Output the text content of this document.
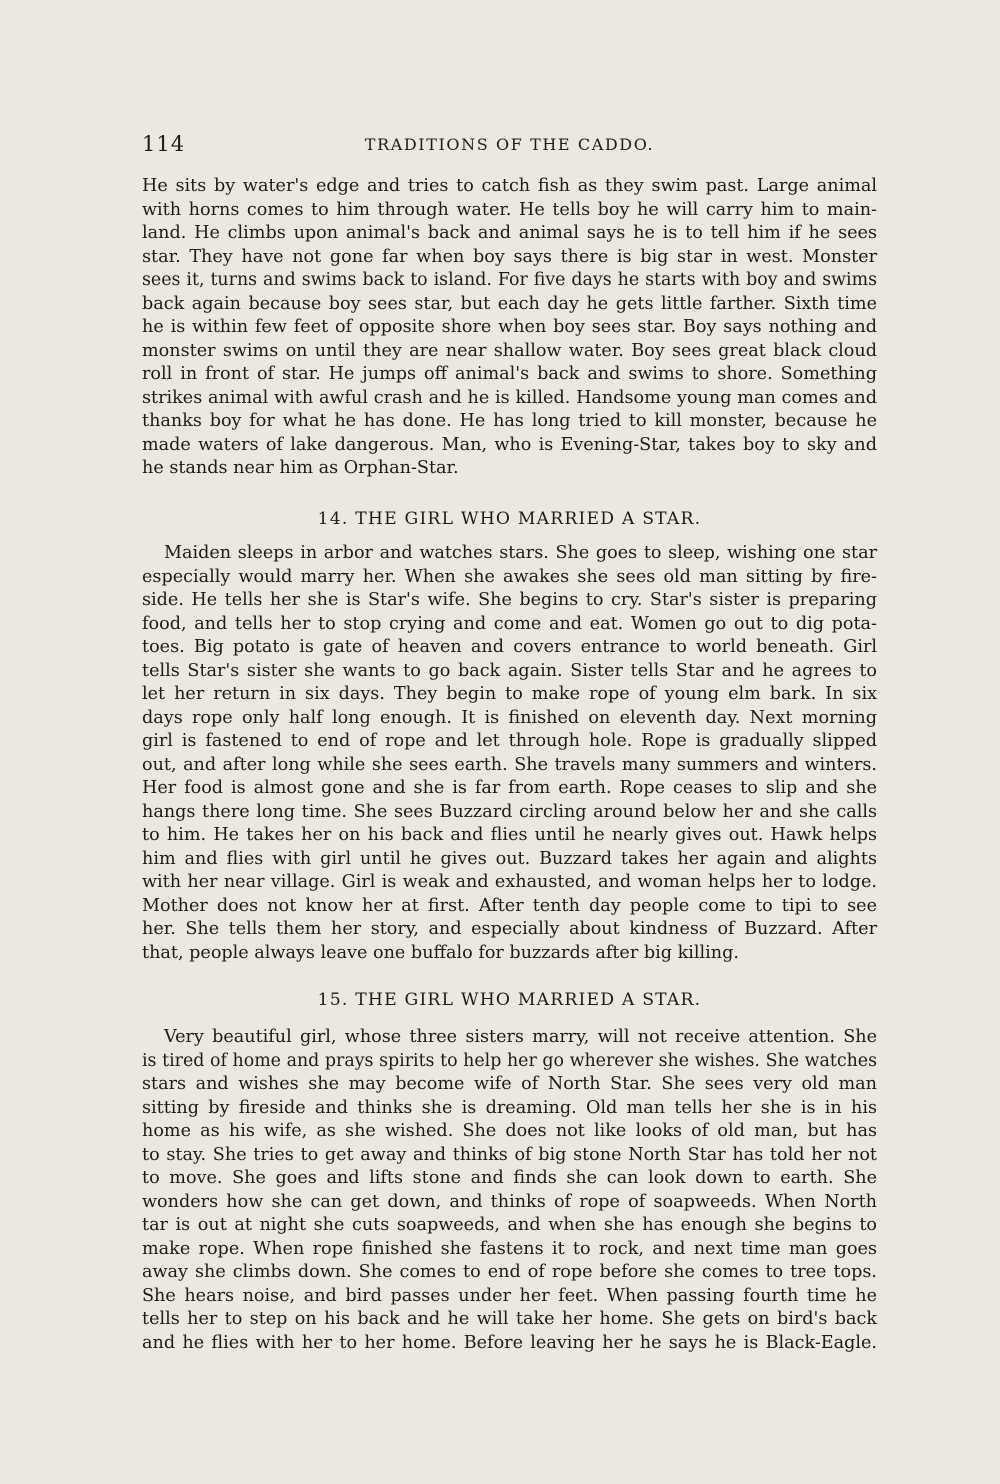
114	TRADITIONS OF THE CADDO.
He sits by water's edge and tries to catch fish as they swim past. Large animal
with horns comes to him through water. He tells boy he will carry him to main-
land. He climbs upon animal's back and animal says he is to tell him if he sees
star. They have not gone far when boy says there is big star in west. Monster
sees it, turns and swims back to island. For five days he starts with boy and swims
back again because boy sees star, but each day he gets little farther. Sixth time
he is within few feet of opposite shore when boy sees star. Boy says nothing and
monster swims on until they are near shallow water. Boy sees great black cloud
roll in front of star. He jumps off animal's back and swims to shore. Something
strikes animal with awful crash and he is killed. Handsome young man comes and
thanks boy for what he has done. He has long tried to kill monster, because he
made waters of lake dangerous. Man, who is Evening-Star, takes boy to sky and
he stands near him as Orphan-Star.
14. THE GIRL WHO MARRIED A STAR.
Maiden sleeps in arbor and watches stars. She goes to sleep, wishing one star
especially would marry her. When she awakes she sees old man sitting by fire-
side. He tells her she is Star's wife. She begins to cry. Star's sister is preparing
food, and tells her to stop crying and come and eat. Women go out to dig pota-
toes. Big potato is gate of heaven and covers entrance to world beneath. Girl
tells Star's sister she wants to go back again. Sister tells Star and he agrees to
let her return in six days. They begin to make rope of young elm bark. In six
days rope only half long enough. It is finished on eleventh day. Next morning
girl is fastened to end of rope and let through hole. Rope is gradually slipped
out, and after long while she sees earth. She travels many summers and winters.
Her food is almost gone and she is far from earth. Rope ceases to slip and she
hangs there long time. She sees Buzzard circling around below her and she calls
to him. He takes her on his back and flies until he nearly gives out. Hawk helps
him and flies with girl until he gives out. Buzzard takes her again and alights
with her near village. Girl is weak and exhausted, and woman helps her to lodge.
Mother does not know her at first. After tenth day people come to tipi to see
her. She tells them her story, and especially about kindness of Buzzard. After
that, people always leave one buffalo for buzzards after big killing.
15. THE GIRL WHO MARRIED A STAR.
Very beautiful girl, whose three sisters marry, will not receive attention. She
is tired of home and prays spirits to help her go wherever she wishes. She watches
stars and wishes she may become wife of North Star. She sees very old man
sitting by fireside and thinks she is dreaming. Old man tells her she is in his
home as his wife, as she wished. She does not like looks of old man, but has
to stay. She tries to get away and thinks of big stone North Star has told her not
to move. She goes and lifts stone and finds she can look down to earth. She
wonders how she can get down, and thinks of rope of soapweeds. When North
tar is out at night she cuts soapweeds, and when she has enough she begins to
make rope. When rope finished she fastens it to rock, and next time man goes
away she climbs down. She comes to end of rope before she comes to tree tops.
She hears noise, and bird passes under her feet. When passing fourth time he
tells her to step on his back and he will take her home. She gets on bird's back
and he flies with her to her home. Before leaving her he says he is Black-Eagle.
